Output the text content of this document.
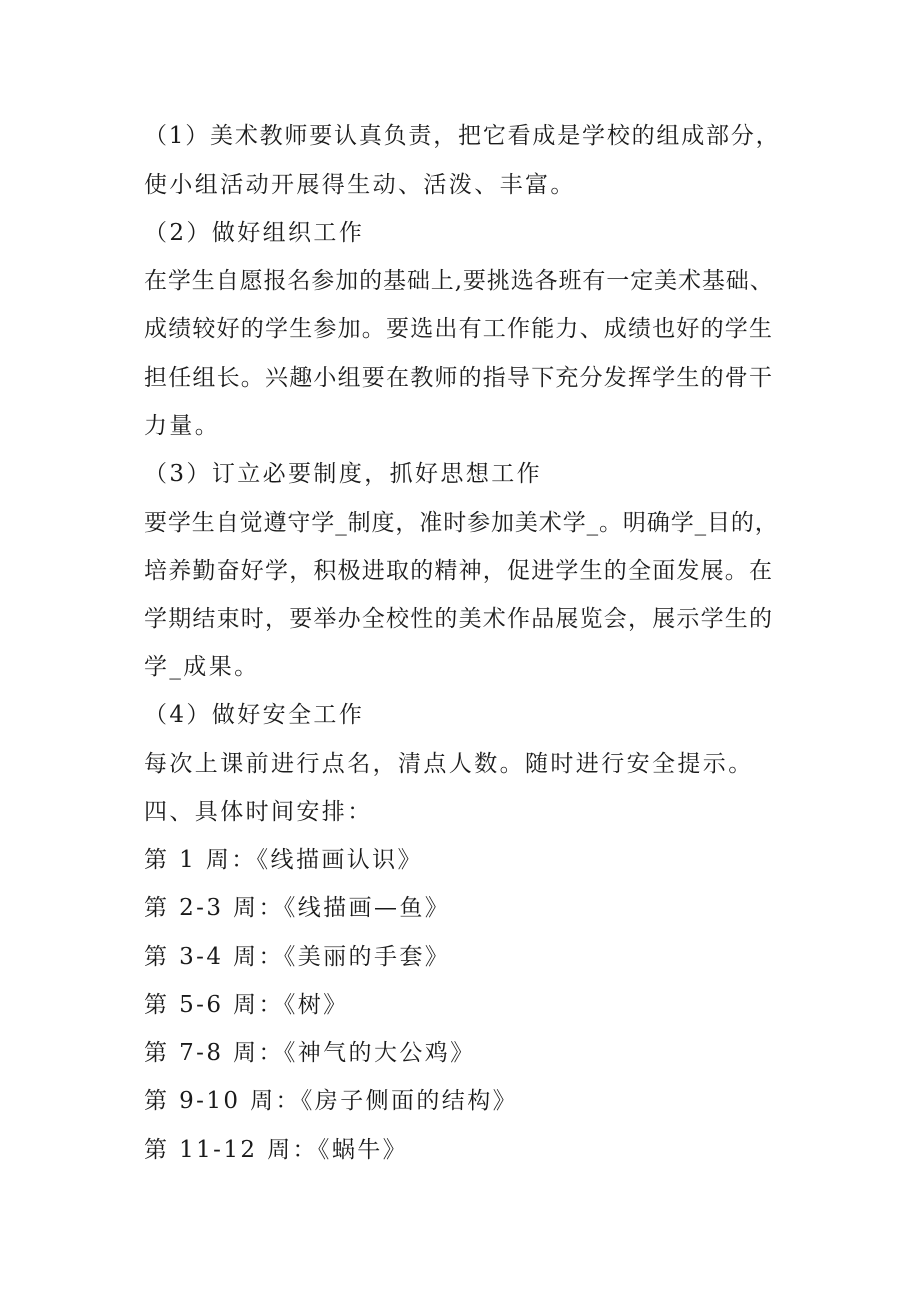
（1）美术教师要认真负责，把它看成是学校的组成部分，
使小组活动开展得生动、活泼、丰富。
（2）做好组织工作
在学生自愿报名参加的基础上,要挑选各班有一定美术基础、
成绩较好的学生参加。要选出有工作能力、成绩也好的学生
担任组长。兴趣小组要在教师的指导下充分发挥学生的骨干
力量。
（3）订立必要制度，抓好思想工作
要学生自觉遵守学_制度，准时参加美术学_。明确学_目的，
培养勤奋好学，积极进取的精神，促进学生的全面发展。在
学期结束时，要举办全校性的美术作品展览会，展示学生的
学_成果。
（4）做好安全工作
每次上课前进行点名，清点人数。随时进行安全提示。
四、具体时间安排：
第 1 周：《线描画认识》
第 2-3 周：《线描画—鱼》
第 3-4 周：《美丽的手套》
第 5-6 周：《树》
第 7-8 周：《神气的大公鸡》
第 9-10 周：《房子侧面的结构》
第 11-12 周：《蜗牛》
